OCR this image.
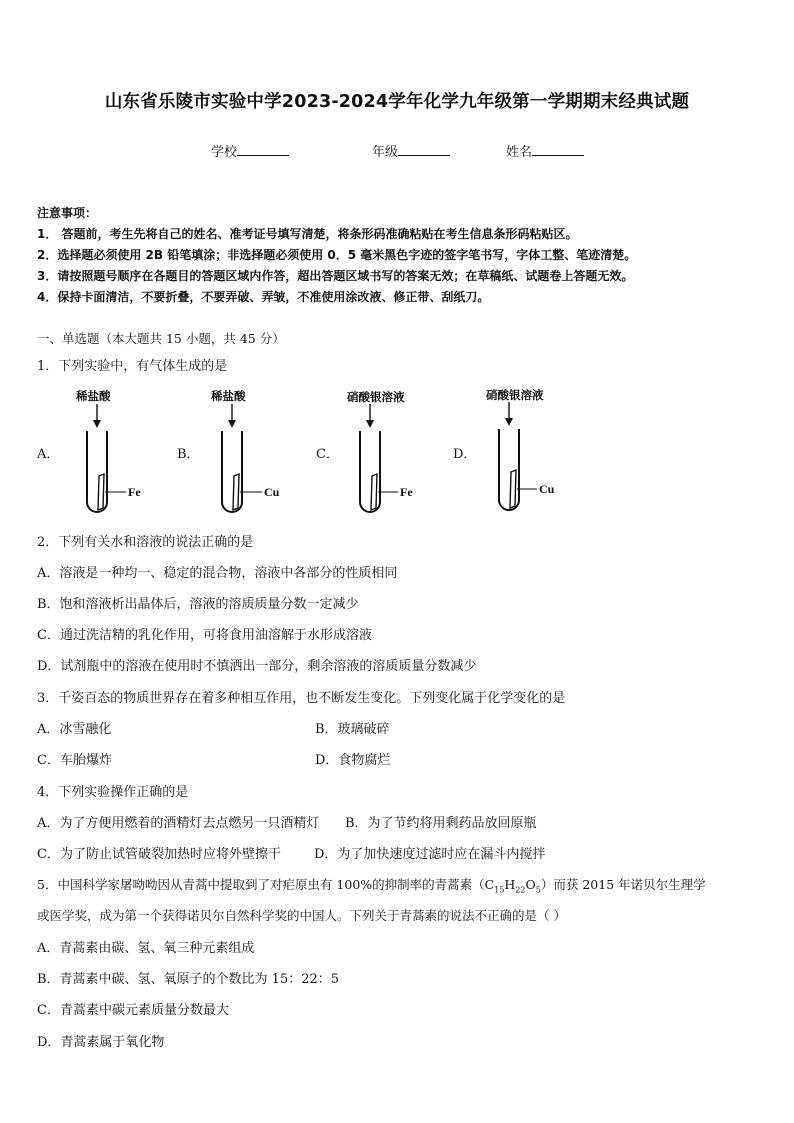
山东省乐陵市实验中学2023-2024学年化学九年级第一学期期末经典试题
学校	年级	姓名
注意事项：
1． 答题前，考生先将自己的姓名、准考证号填写清楚，将条形码准确粘贴在考生信息条形码粘贴区。
2．选择题必须使用 2B 铅笔填涂；非选择题必须使用 0．5 毫米黑色字迹的签字笔书写，字体工整、笔迹清楚。
3．请按照题号顺序在各题目的答题区域内作答，超出答题区域书写的答案无效；在草稿纸、试题卷上答题无效。
4．保持卡面清洁，不要折叠，不要弄破、弄皱，不准使用涂改液、修正带、刮纸刀。
一、单选题（本大题共 15 小题，共 45 分）
1．下列实验中，有气体生成的是
A．	B．	C．	D．
稀盐酸	稀盐酸	硝酸银溶液	硝酸银溶液
Fe	Cu	Fe	Cu
2．下列有关水和溶液的说法正确的是
A．溶液是一种均一、稳定的混合物，溶液中各部分的性质相同
B．饱和溶液析出晶体后，溶液的溶质质量分数一定减少
C．通过洗洁精的乳化作用，可将食用油溶解于水形成溶液
D．试剂瓶中的溶液在使用时不慎洒出一部分，剩余溶液的溶质质量分数减少
3．千姿百态的物质世界存在着多种相互作用，也不断发生变化。下列变化属于化学变化的是
A．冰雪融化	B．玻璃破碎
C．车胎爆炸	D．食物腐烂
4．下列实验操作正确的是
A．为了方便用燃着的酒精灯去点燃另一只酒精灯 B．为了节约将用剩药品放回原瓶
C．为了防止试管破裂加热时应将外壁擦干	D．为了加快速度过滤时应在漏斗内搅拌
5．中国科学家屠呦呦因从青蒿中提取到了对疟原虫有 100%的抑制率的青蒿素$(C_{15}H_{22}O_5)$而获 2015 年诺贝尔生理学
或医学奖，成为第一个获得诺贝尔自然科学奖的中国人。下列关于青蒿素的说法不正确的是（ ）
A．青蒿素由碳、氢、氧三种元素组成
B．青蒿素中碳、氢、氧原子的个数比为 15：22：5
C．青蒿素中碳元素质量分数最大
D．青蒿素属于氧化物
